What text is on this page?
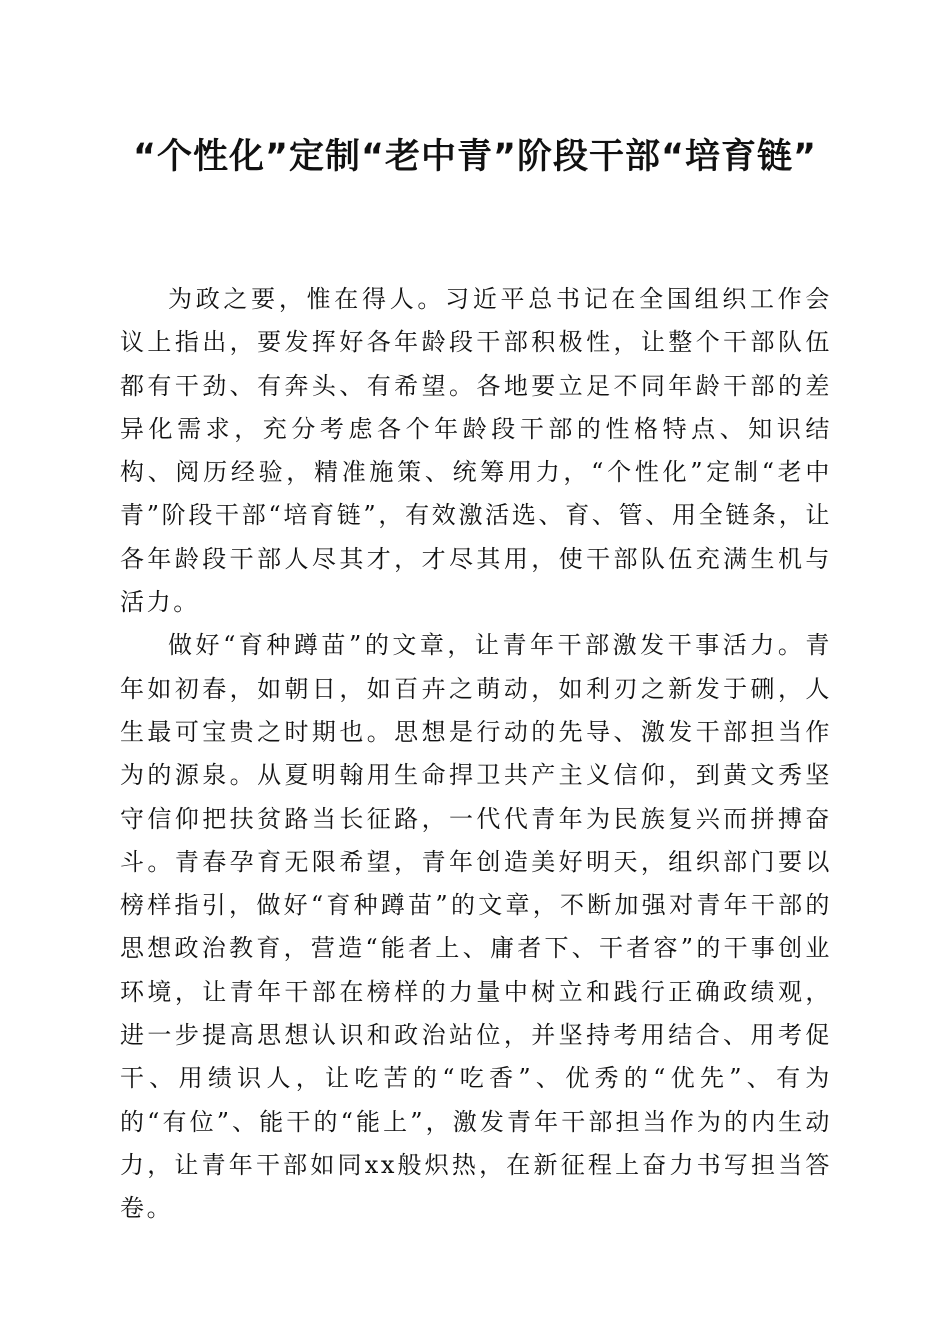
“个性化”定制“老中青”阶段干部“培育链”

为政之要，惟在得人。习近平总书记在全国组织工作会议上指出，要发挥好各年龄段干部积极性，让整个干部队伍都有干劲、有奔头、有希望。各地要立足不同年龄干部的差异化需求，充分考虑各个年龄段干部的性格特点、知识结构、阅历经验，精准施策、统筹用力，“个性化”定制“老中青”阶段干部“培育链”，有效激活选、育、管、用全链条，让各年龄段干部人尽其才，才尽其用，使干部队伍充满生机与活力。

做好“育种蹲苗”的文章，让青年干部激发干事活力。青年如初春，如朝日，如百卉之萌动，如利刃之新发于硎，人生最可宝贵之时期也。思想是行动的先导、激发干部担当作为的源泉。从夏明翰用生命捍卫共产主义信仰，到黄文秀坚守信仰把扶贫路当长征路，一代代青年为民族复兴而拼搏奋斗。青春孕育无限希望，青年创造美好明天，组织部门要以榜样指引，做好“育种蹲苗”的文章，不断加强对青年干部的思想政治教育，营造“能者上、庸者下、干者容”的干事创业环境，让青年干部在榜样的力量中树立和践行正确政绩观，进一步提高思想认识和政治站位，并坚持考用结合、用考促干、用绩识人，让吃苦的“吃香”、优秀的“优先”、有为的“有位”、能干的“能上”，激发青年干部担当作为的内生动力，让青年干部如同xx般炽热，在新征程上奋力书写担当答卷。
